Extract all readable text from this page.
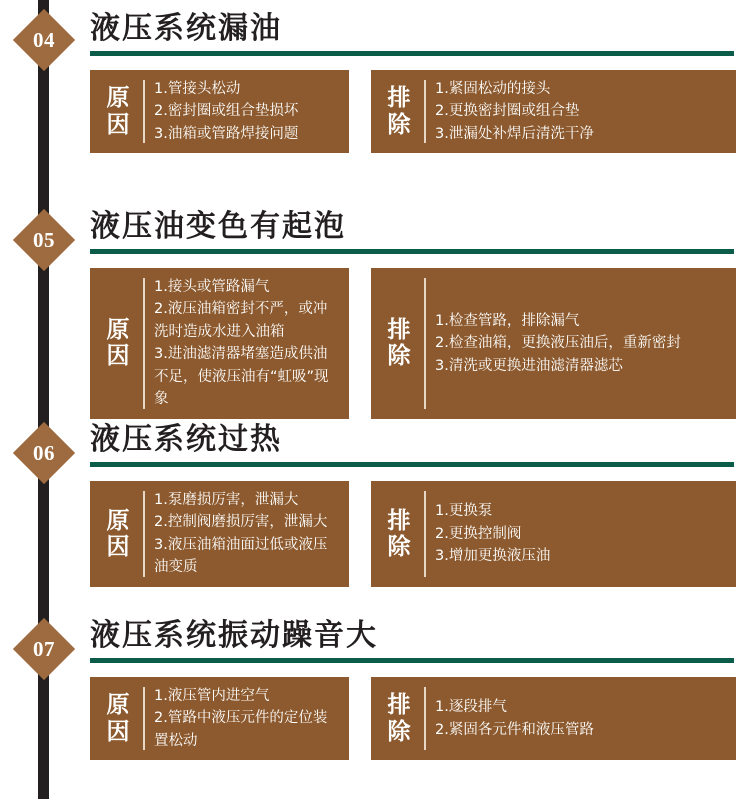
04	液压系统漏油
原因
1.管接头松动
2.密封圈或组合垫损坏
3.油箱或管路焊接问题
排除
1.紧固松动的接头
2.更换密封圈或组合垫
3.泄漏处补焊后清洗干净
05	液压油变色有起泡
原因
1.接头或管路漏气
2.液压油箱密封不严，或冲
洗时造成水进入油箱
3.进油滤清器堵塞造成供油
不足，使液压油有“虹吸”现象
排除
1.检查管路，排除漏气
2.检查油箱，更换液压油后，重新密封
3.清洗或更换进油滤清器滤芯
06	液压系统过热
原因
1.泵磨损厉害，泄漏大
2.控制阀磨损厉害，泄漏大
3.液压油箱油面过低或液压油变质
排除
1.更换泵
2.更换控制阀
3.增加更换液压油
07	液压系统振动躁音大
原因
1.液压管内进空气
2.管路中液压元件的定位装置松动
排除
1.逐段排气
2.紧固各元件和液压管路
